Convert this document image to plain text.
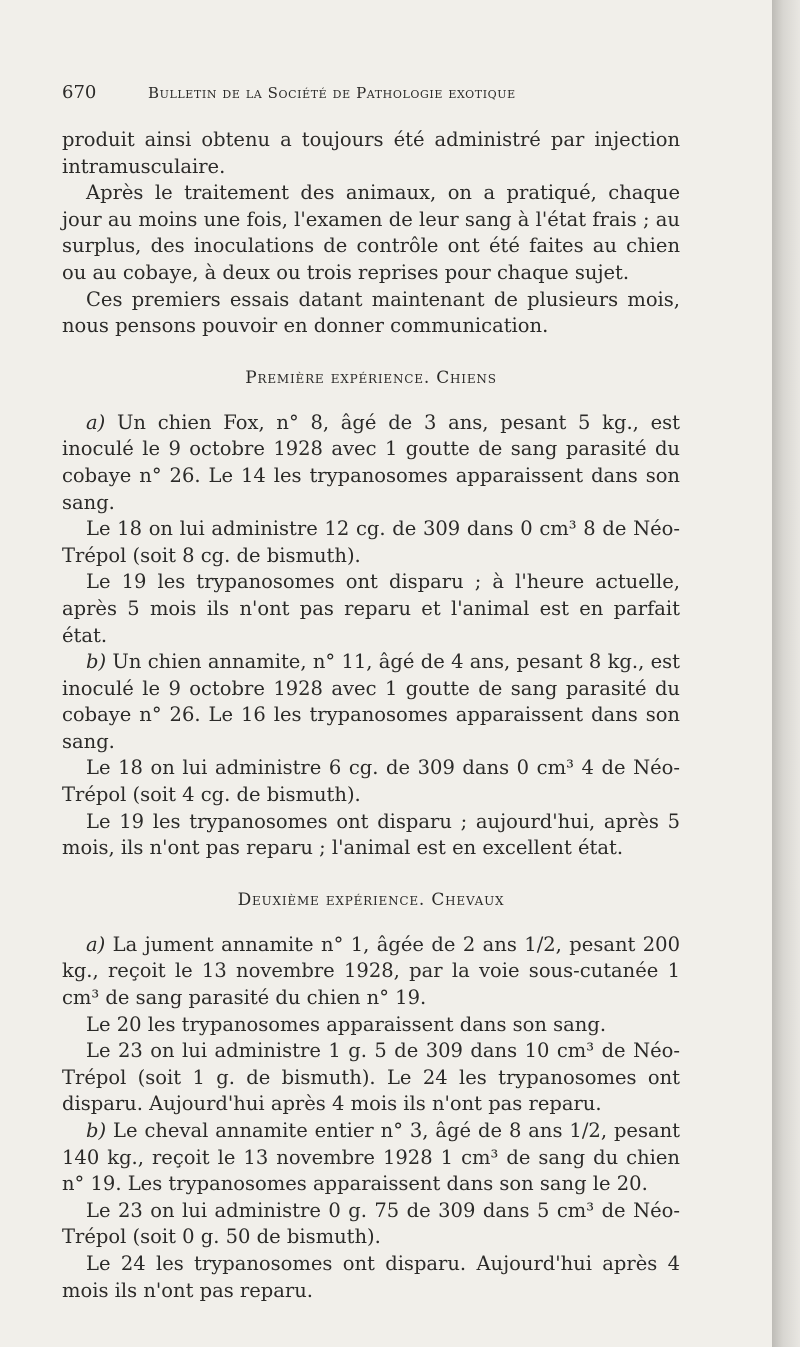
670	Bulletin de la Société de Pathologie exotique

produit ainsi obtenu a toujours été administré par injection intramusculaire.

Après le traitement des animaux, on a pratiqué, chaque jour au moins une fois, l'examen de leur sang à l'état frais ; au surplus, des inoculations de contrôle ont été faites au chien ou au cobaye, à deux ou trois reprises pour chaque sujet.

Ces premiers essais datant maintenant de plusieurs mois, nous pensons pouvoir en donner communication.

Première expérience. Chiens

a) Un chien Fox, n° 8, âgé de 3 ans, pesant 5 kg., est inoculé le 9 octobre 1928 avec 1 goutte de sang parasité du cobaye n° 26. Le 14 les trypanosomes apparaissent dans son sang.

Le 18 on lui administre 12 cg. de 309 dans 0 cm³ 8 de Néo-Trépol (soit 8 cg. de bismuth).

Le 19 les trypanosomes ont disparu ; à l'heure actuelle, après 5 mois ils n'ont pas reparu et l'animal est en parfait état.

b) Un chien annamite, n° 11, âgé de 4 ans, pesant 8 kg., est inoculé le 9 octobre 1928 avec 1 goutte de sang parasité du cobaye n° 26. Le 16 les trypanosomes apparaissent dans son sang.

Le 18 on lui administre 6 cg. de 309 dans 0 cm³ 4 de Néo-Trépol (soit 4 cg. de bismuth).

Le 19 les trypanosomes ont disparu ; aujourd'hui, après 5 mois, ils n'ont pas reparu ; l'animal est en excellent état.

Deuxième expérience. Chevaux

a) La jument annamite n° 1, âgée de 2 ans 1/2, pesant 200 kg., reçoit le 13 novembre 1928, par la voie sous-cutanée 1 cm³ de sang parasité du chien n° 19.

Le 20 les trypanosomes apparaissent dans son sang.

Le 23 on lui administre 1 g. 5 de 309 dans 10 cm³ de Néo-Trépol (soit 1 g. de bismuth). Le 24 les trypanosomes ont disparu. Aujourd'hui après 4 mois ils n'ont pas reparu.

b) Le cheval annamite entier n° 3, âgé de 8 ans 1/2, pesant 140 kg., reçoit le 13 novembre 1928 1 cm³ de sang du chien n° 19. Les trypanosomes apparaissent dans son sang le 20.

Le 23 on lui administre 0 g. 75 de 309 dans 5 cm³ de Néo-Trépol (soit 0 g. 50 de bismuth).

Le 24 les trypanosomes ont disparu. Aujourd'hui après 4 mois ils n'ont pas reparu.
